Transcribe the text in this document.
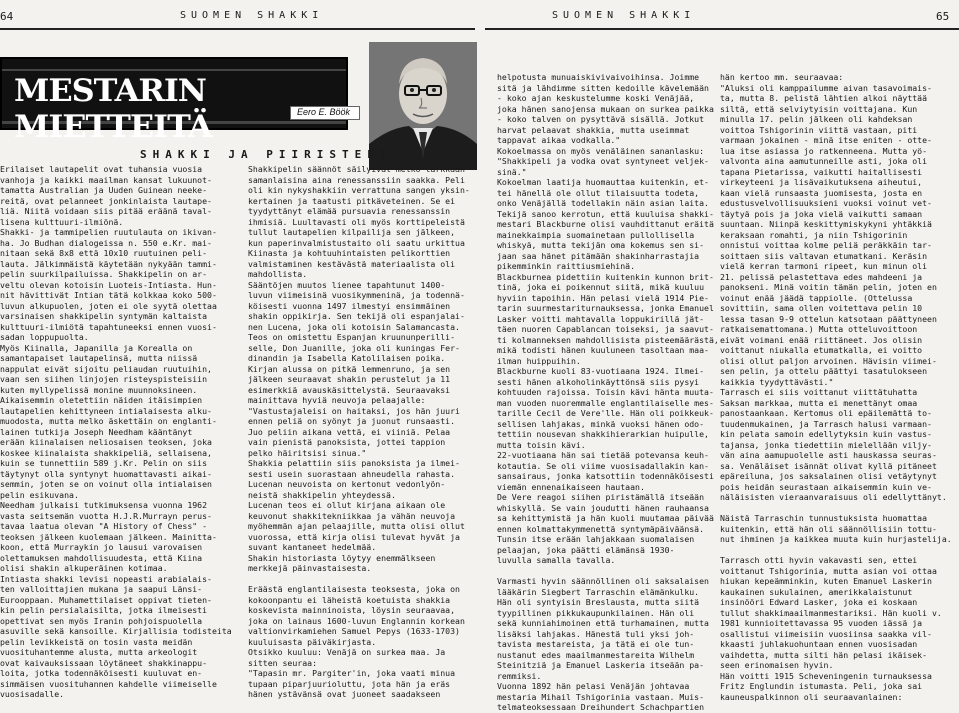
64	SUOMEN SHAKKI	SUOMEN SHAKKI	65
MESTARIN MIETTEITÄ	Eero E. Böök
SHAKKI JA PIIRISTEET
Erilaiset lautapelit ovat tuhansia vuosia
vanhoja ja kaikki maailman kansat lukuunot-
tamatta Australian ja Uuden Guinean neeke-
reitä, ovat pelanneet jonkinlaista lautape-
liä. Niitä voidaan siis pitää eräänä taval-
lisena kulttuuri-ilmiönä.
Shakki- ja tammipelien ruutulauta on ikivan-
ha. Jo Budhan dialogeissa n. 550 e.Kr. mai-
nitaan sekä 8x8 että 10x10 ruutuinen peli-
lauta. Jälkimmäistä käytetään nykyään tammi-
pelin suurkilpailuissa. Shakkipelin on ar-
veltu olevan kotoisin Luoteis-Intiasta. Hun-
nit hävittivät Intian tätä kolkkaa koko 500-
luvun alkupuolen, joten ei ole syytä olettaa
varsinaisen shakkipelin syntymän kaltaista
kulttuuri-ilmiötä tapahtuneeksi ennen vuosi-
sadan loppupuolta.
Myös Kiinalla, Japanilla ja Korealla on
samantapaiset lautapelinsä, mutta niissä
nappulat eivät sijoitu peliaudan ruutuihin,
vaan sen siihen linjojen risteyspisteisiin
kuten myllypelissä monine muunnoksineen.
Aikaisemmin oletettiin näiden itäisimpien
lautapelien kehittyneen intialaisesta alku-
muodosta, mutta melko äskettäin on englanti-
lainen tutkija Joseph Needham kääntänyt
erään kiinalaisen neliosaisen teoksen, joka
koskee kiinalaista shakkipeliä, sellaisena,
kuin se tunnettiin 589 j.Kr. Pelin on siis
täytynyt olla syntynyt huomattavasti aikai-
semmin, joten se on voinut olla intialaisen
pelin esikuvana.
Needham julkaisi tutkimuksensa vuonna 1962
vasta seitsemän vuotta H.J.R.Murrayn perus-
tavaa laatua olevan "A History of Chess" -
teoksen jälkeen kuolemaan jälkeen. Mainitta-
koon, että Murraykin jo lausui varovaisen
olettamuksen mahdollisuudesta, että Kiina
olisi shakin alkuperäinen kotimaa.
Intiasta shakki levisi nopeasti arabialais-
ten valloittajien mukana ja saapui Länsi-
Eurooppaan. Muhamettilaiset oppivat tieten-
kin pelin persialaisilta, jotka ilmeisesti
opettivat sen myös Iranin pohjoispuolella
asuville sekä kansoille. Kirjallisia todisteita
pelin levikkeistä on tosin vasta meidän
vuosituhantemme alusta, mutta arkeologit
ovat kaivauksissaan löytäneet shakkinappu-
loita, jotka todennäköisesti kuuluvat en-
simmäisen vuosituhannen kahdelle viimeiselle
vuosisadalle.
Shakkipelin säännöt säilyivät melko tarkkaan
samanlaisina aina renessanssiin saakka. Peli
oli kin nykyshakkiin verrattuna sangen yksin-
kertainen ja taatusti pitkäveteinen. Se ei
tyydyttänyt elämää pursuavia renessanssin
ihmisiä. Luultavasti oli myös korttipeleistä
tullut lautapelien kilpailija sen jälkeen,
kun paperinvalmistustaito oli saatu urkittua
Kiinasta ja kohtuuhintaisten pelikorttien
valmistaminen kestävästä materiaalista oli
mahdollista.
Sääntöjen muutos lienee tapahtunut 1400-
luvun viimeisinä vuosikymmeninä, ja todennä-
köisesti vuonna 1497 ilmestyi ensimmäinen
shakin oppikirja. Sen tekijä oli espanjalai-
nen Lucena, joka oli kotoisin Salamancasta.
Teos on omistettu Espanjan kruununperilli-
selle, Don Juanille, joka oli kuningas Fer-
dinandin ja Isabella Katolilaisen poika.
Kirjan alussa on pitkä lemmenruno, ja sen
jälkeen seuraavat shakin perustelut ja 11
esimerkkiä avauskäsittelystä. Seuraavaksi
mainittava hyviä neuvoja pelaajalle:
"Vastustajaleisi on haitaksi, jos hän juuri
ennen peliä on syönyt ja juonut runsaasti.
Juo peliin aikana vettä, ei viiniä. Pelaa
vain pienistä panoksista, jottei tappion
pelko häiritsisi sinua."
Shakkia pelattiin siis panoksista ja ilmei-
sesti usein suorastaan ahneudella rahasta.
Lucenan neuvoista on kertonut vedonlyön-
neistä shakkipelin yhteydessä.
Lucenan teos ei ollut kirjana aikaan ole
keuvonut shakkitekniikkaa ja vähän neuvoja
myöhemmän ajan pelaajille, mutta olisi ollut
vuorossa, että kirja olisi tulevat hyvät ja
suvant kantaneet hedelmää.
Shakin historiasta löytyy enemmälkseen
merkkejä päinvastaisesta.

Eräästä englantilaisesta teoksesta, joka on
kokoonpantu ei läheistä koetuista shakkia
koskevista mainninoista, löysin seuraavaa,
joka on lainaus 1600-luvun Englannin korkean
valtionvirkamiehen Samuel Pepys (1633-1703)
kuuluisasta päiväkirjasta.
Otsikko kuuluu: Venäjä on surkea maa. Ja
sitten seuraa:
"Tapasin mr. Pargiter'in, joka vaati minua
tupaan piparjuurioluttu, jota hän ja eräs
hänen ystävänsä ovat juoneet saadakseen
helpotusta munuaiskivivaivoihinsa. Joimme
sitä ja lähdimme sitten kedoille kävelemään
- koko ajan keskustelumme koski Venäjää,
joka hänen sanojensa mukaan on surkea paikka
- koko talven on pysyttävä sisällä. Jotkut
harvat pelaavat shakkia, mutta useimmat
tappavat aikaa vodkalla."
Kokoelmassa on myös venäläinen sananlasku:
"Shakkipeli ja vodka ovat syntyneet veljek-
sinä."
Kokoelman laatija huomauttaa kuitenkin, et-
tei hänellä ole ollut tilaisuutta todeta,
onko Venäjällä todellakin näin asian laita.
Tekijä sanoo kerrotun, että kuuluisa shakki-
mestari Blackburne olisi vauhdittanut eräitä
mainekkaimpia suomainetaan pullollisella
whiskyä, mutta tekijän oma kokemus sen si-
jaan saa hänet pitämään shakinharrastajia
pikemminkin raittiusmiehinä.
Blackburnea pidettiin kuitenkin kunnon brit-
tinä, joka ei poikennut siitä, mikä kuuluu
hyviin tapoihin. Hän pelasi vielä 1914 Pie-
tarin suurmestariturnauksessa, jonka Emanuel
Lasker voitti mahtavalla loppukirillä jät-
täen nuoren Capablancan toiseksi, ja saavut-
ti kolmanneksen mahdollisista pisteemäärästä,
mikä todisti hänen kuuluneen tasoltaan maa-
ilman huippuihin.
Blackburne kuoli 83-vuotiaana 1924. Ilmei-
sesti hänen alkoholinkäyttönsä siis pysyi
kohtuuden rajoissa. Toisin kävi hänta muuta-
man vuoden nuoremmalle englantilaiselle mes-
tarille Cecil de Vere'lle. Hän oli poikkeuk-
sellisen lahjakas, minkä vuoksi hänen odo-
tettiin nousevan shakkihierarkian huipulle,
mutta toisin kävi.
22-vuotiaana hän sai tietää potevansa keuh-
kotautia. Se oli viime vuosisadallakin kan-
sansairaus, jonka katsottiin todennäköisesti
viemän ennenaikaiseen hautaan.
De Vere reagoi siihen piristämällä itseään
whiskyllä. Se vain joudutti hänen rauhaansa
sa kehittymistä ja hän kuoli muutamaa päivää
ennen kolmattakymmenettä syntymäpäiväänsä.
Tunsin itse erään lahjakkaan suomalaisen
pelaajan, joka päätti elämänsä 1930-
luvulla samalla tavalla.

Varmasti hyvin säännöllinen oli saksalaisen
lääkärin Siegbert Tarraschin elämänkulku.
Hän oli syntyisin Breslausta, mutta siitä
tyypillinen pikkukaupunkilainen. Hän oli
sekä kunniahimoinen että turhamainen, mutta
lisäksi lahjakas. Hänestä tuli yksi joh-
tavista mestareista, ja tätä ei ole tun-
nustanut edes maailmanmestareita Wilhelm
Steinitziä ja Emanuel Laskeria itseään pa-
remmiksi.
Vuonna 1892 hän pelasi Venäjän johtavaa
mestaria Mihail Tshigorinia vastaan. Muis-
telmateoksessaan Dreihundert Schachpartien
hän kertoo mm. seuraavaa:
"Aluksi oli kamppailumme aivan tasavoimais-
ta, mutta 8. pelistä lähtien alkoi näyttää
siltä, että selviytyisin voittajana. Kun
minulla 17. pelin jälkeen oli kahdeksan
voittoa Tshigorinin viittä vastaan, piti
varmaan jokainen - minä itse eniten - otte-
lua itse asiassa jo ratkenneena. Mutta yö-
valvonta aina aamutunneille asti, joka oli
tapana Pietarissa, vaikutti haitallisesti
virkeyteeni ja lisävaikutuksena aiheutui,
kaan vielä runsaasta juomisesta, josta en
edustusvelvollisuuksieni vuoksi voinut vet-
täytyä pois ja joka vielä vaikutti samaan
suuntaan. Niinpä keskittymiskykyni yhtäkkiä
keraksaan romahti, ja niin Tshigorinin
onnistui voittaa kolme peliä peräkkäin tar-
soittaen siis valtavan etumatkani. Keräsin
vielä kerran tarmoni ripeet, kun minun oli
21. pelissä pelastettava edes mahdeeni ja
panokseni. Minä voitin tämän pelin, joten en
voinut enää jäädä tappiolle. (Ottelussa
sovittiin, sama ollen voitettava pelin 10
lessa tasan 9-9 ottelun katsotaan päättyneen
ratkaisemattomana.) Mutta otteluvoittoon
eivät voimani enää riittäneet. Jos olisin
voittanut niukalla etumatkalla, ei voitto
olisi ollut paljon arvoinen. Hävisin viimei-
sen pelin, ja ottelu päättyi tasatulokseen
kaikkia tyydyttävästi."
Tarrasch ei siis voittanut viittätuhatta
Saksan markkaa, mutta ei menettänyt omaa
panostaankaan. Kertomus oli epäilemättä to-
tuudenmukainen, ja Tarrasch halusi varmaan-
kin pelata samoin edellytyksin kuin vastus-
tajansa, jonka tiedettiin mielellään viljy-
vän aina aamupuolelle asti hauskassa seuras-
sa. Venäläiset isännät olivat kyllä pitäneet
epäreiluna, jos saksalainen olisi vetäytynyt
pois heidän seurastaan aikaisemmin kuin ve-
näläisisten vieraanvaraisuus oli edellyttänyt.

Näistä Tarraschin tunnustuksista huomattaa
kuitenkin, että hän oli säännöllisiin tottu-
nut ihminen ja kaikkea muuta kuin hurjastelija.

Tarrasch otti hyvin vakavasti sen, ettei
voittanut Tshigorinia, mutta asian voi ottaa
hiukan kepeämminkin, kuten Emanuel Laskerin
kaukainen sukulainen, amerikkalaistunut
insinööri Edward Lasker, joka ei koskaan
tullut shakkimaailmanmestariksi. Hän kuoli v.
1981 kunnioitettavassa 95 vuoden iässä ja
osallistui viimeisiin vuosiinsa saakka vil-
kkaasti juhlakuohuntaan ennen vuosisadan
vaihdetta, mutta silti hän pelasi ikäisek-
seen erinomaisen hyvin.
Hän voitti 1915 Scheveningenin turnauksessa
Fritz Englundin istumasta. Peli, joka sai
kauneuspalkinnon oli seuraavanlainen:
